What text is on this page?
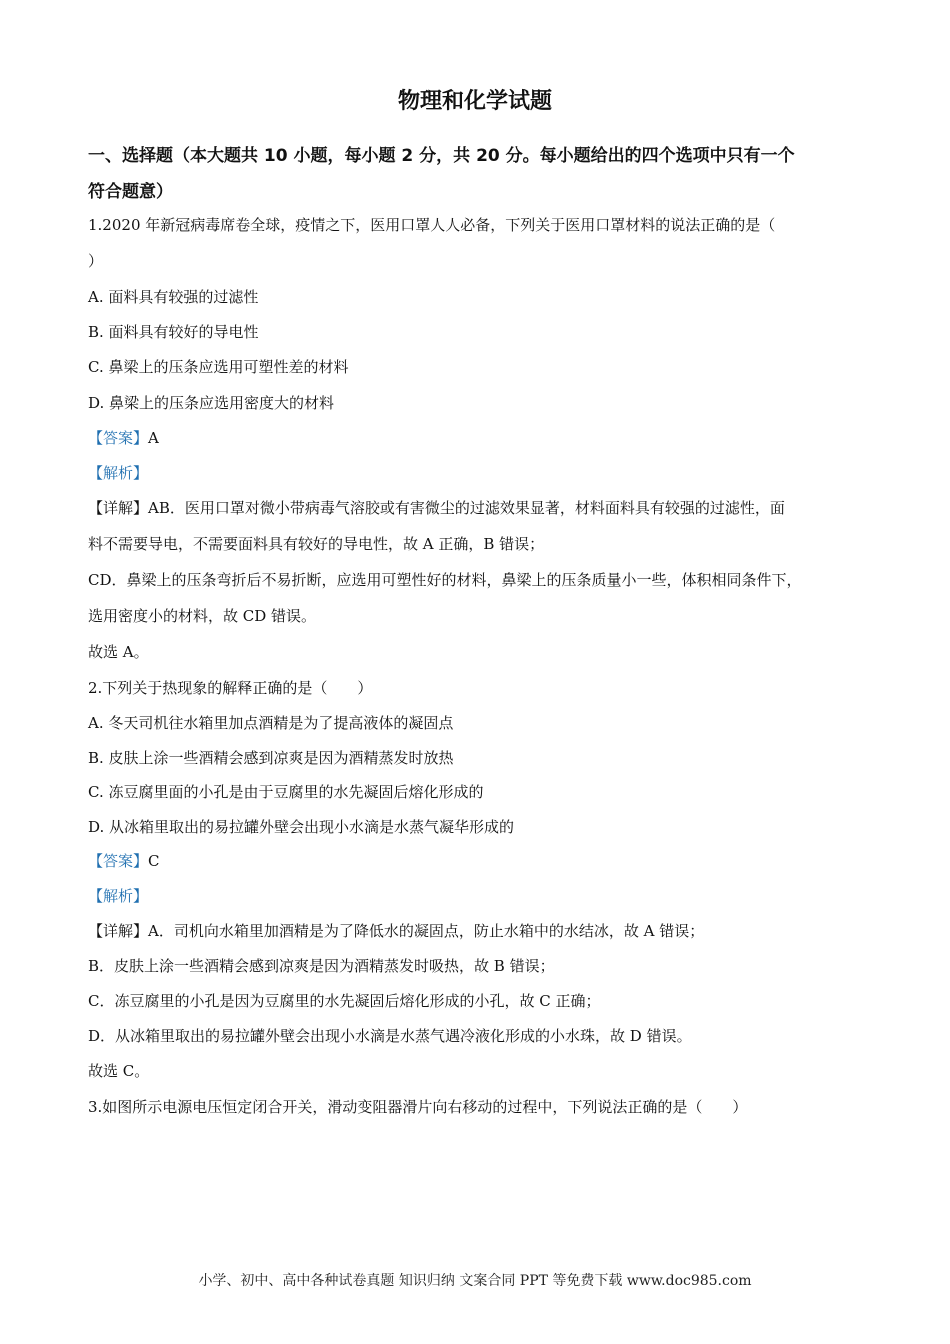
物理和化学试题
一、选择题（本大题共 10 小题，每小题 2 分，共 20 分。每小题给出的四个选项中只有一个
符合题意）
1.2020 年新冠病毒席卷全球，疫情之下，医用口罩人人必备，下列关于医用口罩材料的说法正确的是（
）
A. 面料具有较强的过滤性
B. 面料具有较好的导电性
C. 鼻梁上的压条应选用可塑性差的材料
D. 鼻梁上的压条应选用密度大的材料
【答案】A
【解析】
【详解】AB．医用口罩对微小带病毒气溶胶或有害微尘的过滤效果显著，材料面料具有较强的过滤性，面
料不需要导电，不需要面料具有较好的导电性，故 A 正确，B 错误；
CD．鼻梁上的压条弯折后不易折断，应选用可塑性好的材料，鼻梁上的压条质量小一些，体积相同条件下，
选用密度小的材料，故 CD 错误。
故选 A。
2.下列关于热现象的解释正确的是（　　）
A. 冬天司机往水箱里加点酒精是为了提高液体的凝固点
B. 皮肤上涂一些酒精会感到凉爽是因为酒精蒸发时放热
C. 冻豆腐里面的小孔是由于豆腐里的水先凝固后熔化形成的
D. 从冰箱里取出的易拉罐外壁会出现小水滴是水蒸气凝华形成的
【答案】C
【解析】
【详解】A．司机向水箱里加酒精是为了降低水的凝固点，防止水箱中的水结冰，故 A 错误；
B．皮肤上涂一些酒精会感到凉爽是因为酒精蒸发时吸热，故 B 错误；
C．冻豆腐里的小孔是因为豆腐里的水先凝固后熔化形成的小孔，故 C 正确；
D．从冰箱里取出的易拉罐外壁会出现小水滴是水蒸气遇冷液化形成的小水珠，故 D 错误。
故选 C。
3.如图所示电源电压恒定闭合开关，滑动变阻器滑片向右移动的过程中，下列说法正确的是（　　）
小学、初中、高中各种试卷真题 知识归纳 文案合同 PPT 等免费下载 www.doc985.com
